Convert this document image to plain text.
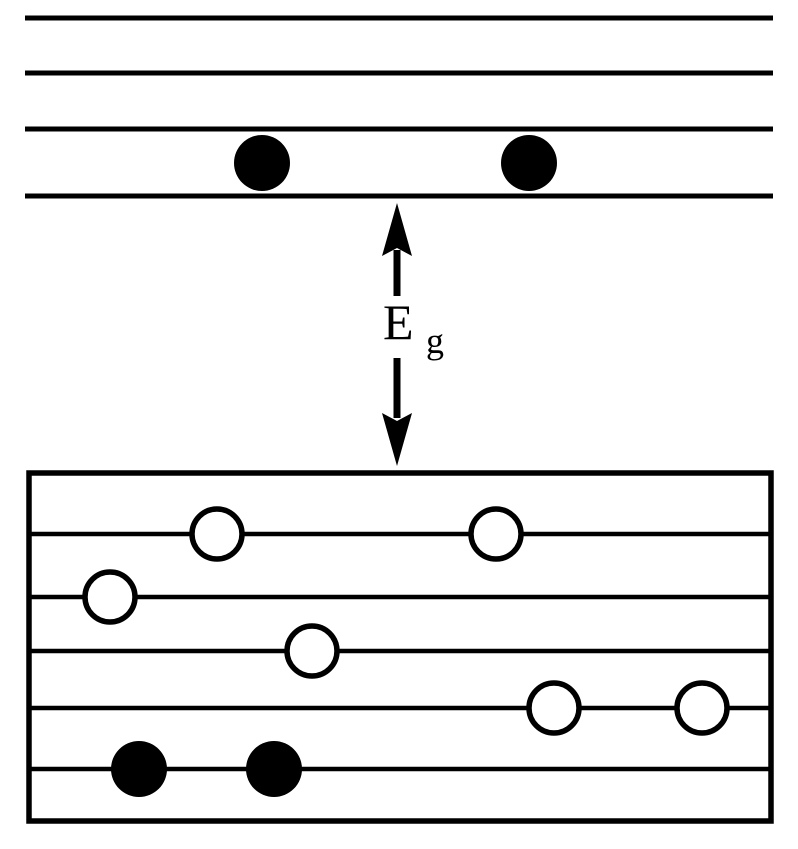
E $_g$
